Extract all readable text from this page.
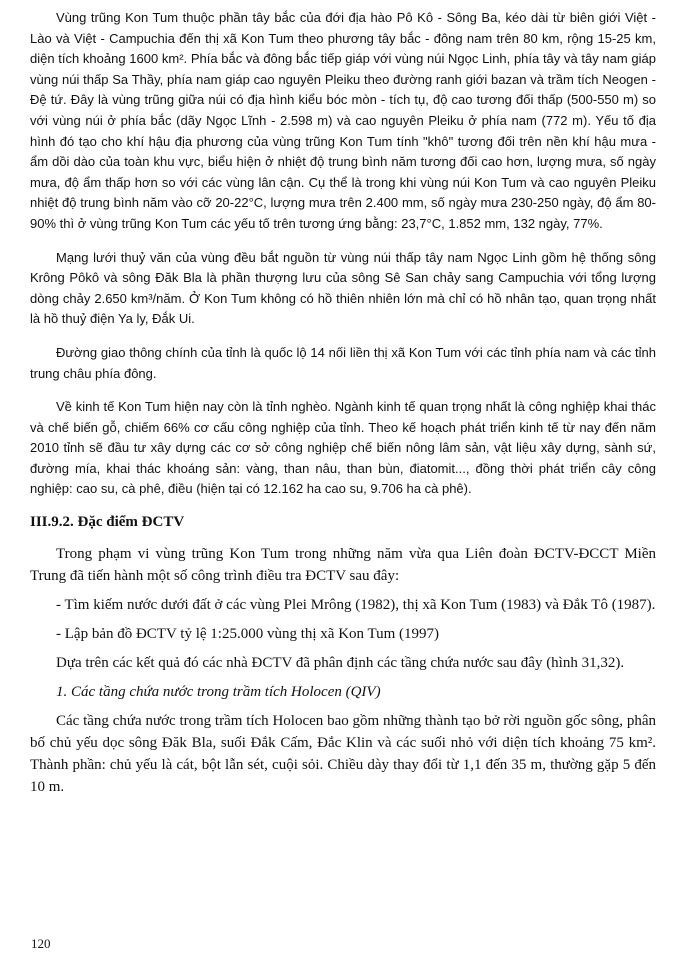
Vùng trũng Kon Tum thuộc phần tây bắc của đới địa hào Pô Kô - Sông Ba, kéo dài từ biên giới Việt - Lào và Việt - Campuchia đến thị xã Kon Tum theo phương tây bắc - đông nam trên 80 km, rộng 15-25 km, diện tích khoảng 1600 km². Phía bắc và đông bắc tiếp giáp với vùng núi Ngọc Linh, phía tây và tây nam giáp vùng núi thấp Sa Thầy, phía nam giáp cao nguyên Pleiku theo đường ranh giới bazan và trầm tích Neogen - Đệ tứ. Đây là vùng trũng giữa núi có địa hình kiểu bóc mòn - tích tụ, độ cao tương đối thấp (500-550 m) so với vùng núi ở phía bắc (dãy Ngọc Lĩnh - 2.598 m) và cao nguyên Pleiku ở phía nam (772 m). Yếu tố địa hình đó tạo cho khí hậu địa phương của vùng trũng Kon Tum tính "khô" tương đối trên nền khí hậu mưa - ẩm dồi dào của toàn khu vực, biểu hiện ở nhiệt độ trung bình năm tương đối cao hơn, lượng mưa, số ngày mưa, độ ẩm thấp hơn so với các vùng lân cận. Cụ thể là trong khi vùng núi Kon Tum và cao nguyên Pleiku nhiệt độ trung bình năm vào cỡ 20-22°C, lượng mưa trên 2.400 mm, số ngày mưa 230-250 ngày, độ ẩm 80-90% thì ở vùng trũng Kon Tum các yếu tố trên tương ứng bằng: 23,7°C, 1.852 mm, 132 ngày, 77%.

Mạng lưới thuỷ văn của vùng đều bắt nguồn từ vùng núi thấp tây nam Ngọc Linh gồm hệ thống sông Krông Pôkô và sông Đăk Bla là phần thượng lưu của sông Sê San chảy sang Campuchia với tổng lượng dòng chảy 2.650 km³/năm. Ở Kon Tum không có hồ thiên nhiên lớn mà chỉ có hồ nhân tạo, quan trọng nhất là hồ thuỷ điện Ya ly, Đắk Ui.

Đường giao thông chính của tỉnh là quốc lộ 14 nối liền thị xã Kon Tum với các tỉnh phía nam và các tỉnh trung châu phía đông.

Về kinh tế Kon Tum hiện nay còn là tỉnh nghèo. Ngành kinh tế quan trọng nhất là công nghiệp khai thác và chế biến gỗ, chiếm 66% cơ cấu công nghiệp của tỉnh. Theo kế hoạch phát triển kinh tế từ nay đến năm 2010 tỉnh sẽ đầu tư xây dựng các cơ sở công nghiệp chế biến nông lâm sản, vật liệu xây dựng, sành sứ, đường mía, khai thác khoáng sản: vàng, than nâu, than bùn, điatomit..., đồng thời phát triển cây công nghiệp: cao su, cà phê, điều (hiện tại có 12.162 ha cao su, 9.706 ha cà phê).

III.9.2. Đặc điểm ĐCTV

Trong phạm vi vùng trũng Kon Tum trong những năm vừa qua Liên đoàn ĐCTV-ĐCCT Miền Trung đã tiến hành một số công trình điều tra ĐCTV sau đây:

- Tìm kiếm nước dưới đất ở các vùng Plei Mrông (1982), thị xã Kon Tum (1983) và Đắk Tô (1987).

- Lập bản đồ ĐCTV tỷ lệ 1:25.000 vùng thị xã Kon Tum (1997)

Dựa trên các kết quả đó các nhà ĐCTV đã phân định các tầng chứa nước sau đây (hình 31,32).

1. Các tầng chứa nước trong trầm tích Holocen (QIV)

Các tầng chứa nước trong trầm tích Holocen bao gồm những thành tạo bở rời nguồn gốc sông, phân bố chủ yếu dọc sông Đăk Bla, suối Đắk Cấm, Đắc Klin và các suối nhỏ với diện tích khoảng 75 km². Thành phần: chủ yếu là cát, bột lẫn sét, cuội sỏi. Chiều dày thay đổi từ 1,1 đến 35 m, thường gặp 5 đến 10 m.

120
